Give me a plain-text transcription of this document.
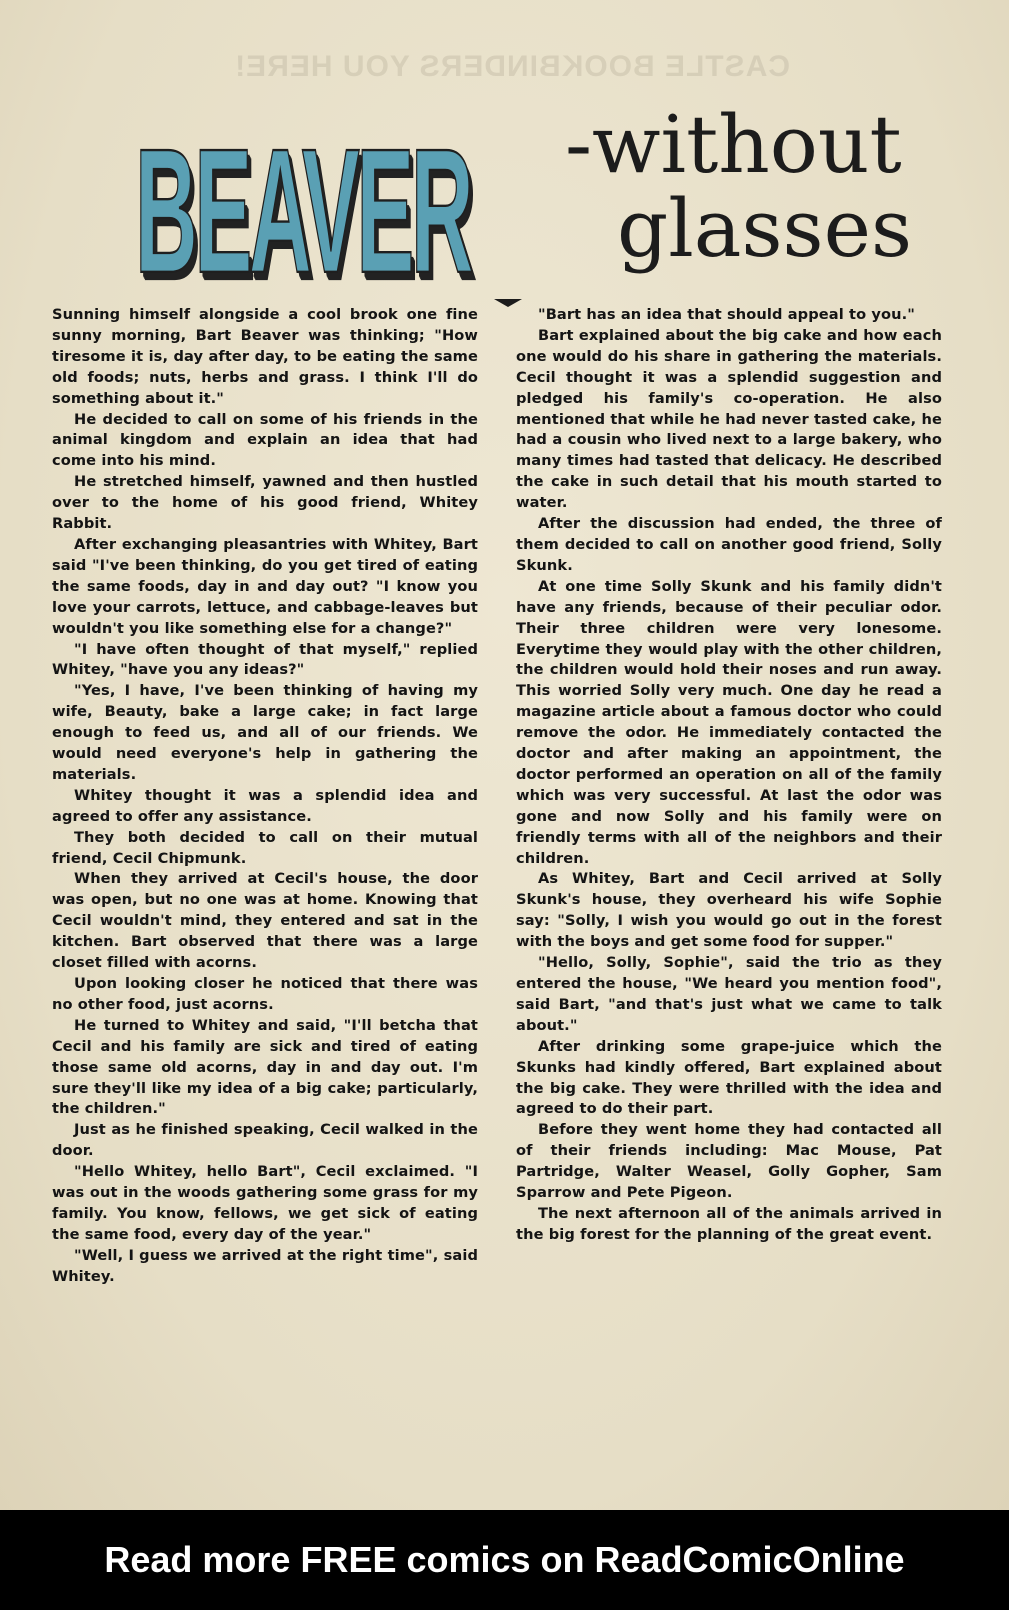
CASTLE BOOKBINDERS YOU HERE!
BEAVER -without
glasses

Sunning himself alongside a cool brook one fine sunny morning, Bart Beaver was thinking; "How tiresome it is, day after day, to be eating the same old foods; nuts, herbs and grass. I think I'll do something about it."

He decided to call on some of his friends in the animal kingdom and explain an idea that had come into his mind.

He stretched himself, yawned and then hustled over to the home of his good friend, Whitey Rabbit.

After exchanging pleasantries with Whitey, Bart said "I've been thinking, do you get tired of eating the same foods, day in and day out? "I know you love your carrots, lettuce, and cabbage-leaves but wouldn't you like something else for a change?"

"I have often thought of that myself," replied Whitey, "have you any ideas?"

"Yes, I have, I've been thinking of having my wife, Beauty, bake a large cake; in fact large enough to feed us, and all of our friends. We would need everyone's help in gathering the materials.

Whitey thought it was a splendid idea and agreed to offer any assistance.

They both decided to call on their mutual friend, Cecil Chipmunk.

When they arrived at Cecil's house, the door was open, but no one was at home. Knowing that Cecil wouldn't mind, they entered and sat in the kitchen. Bart observed that there was a large closet filled with acorns.

Upon looking closer he noticed that there was no other food, just acorns.

He turned to Whitey and said, "I'll betcha that Cecil and his family are sick and tired of eating those same old acorns, day in and day out. I'm sure they'll like my idea of a big cake; particularly, the children."

Just as he finished speaking, Cecil walked in the door.

"Hello Whitey, hello Bart", Cecil exclaimed. "I was out in the woods gathering some grass for my family. You know, fellows, we get sick of eating the same food, every day of the year."

"Well, I guess we arrived at the right time", said Whitey.

"Bart has an idea that should appeal to you."

Bart explained about the big cake and how each one would do his share in gathering the materials. Cecil thought it was a splendid suggestion and pledged his family's co-operation. He also mentioned that while he had never tasted cake, he had a cousin who lived next to a large bakery, who many times had tasted that delicacy. He described the cake in such detail that his mouth started to water.

After the discussion had ended, the three of them decided to call on another good friend, Solly Skunk.

At one time Solly Skunk and his family didn't have any friends, because of their peculiar odor. Their three children were very lonesome. Everytime they would play with the other children, the children would hold their noses and run away. This worried Solly very much. One day he read a magazine article about a famous doctor who could remove the odor. He immediately contacted the doctor and after making an appointment, the doctor performed an operation on all of the family which was very successful. At last the odor was gone and now Solly and his family were on friendly terms with all of the neighbors and their children.

As Whitey, Bart and Cecil arrived at Solly Skunk's house, they overheard his wife Sophie say: "Solly, I wish you would go out in the forest with the boys and get some food for supper."

"Hello, Solly, Sophie", said the trio as they entered the house, "We heard you mention food", said Bart, "and that's just what we came to talk about."

After drinking some grape-juice which the Skunks had kindly offered, Bart explained about the big cake. They were thrilled with the idea and agreed to do their part.

Before they went home they had contacted all of their friends including: Mac Mouse, Pat Partridge, Walter Weasel, Golly Gopher, Sam Sparrow and Pete Pigeon.

The next afternoon all of the animals arrived in the big forest for the planning of the great event.

Read more FREE comics on ReadComicOnline
